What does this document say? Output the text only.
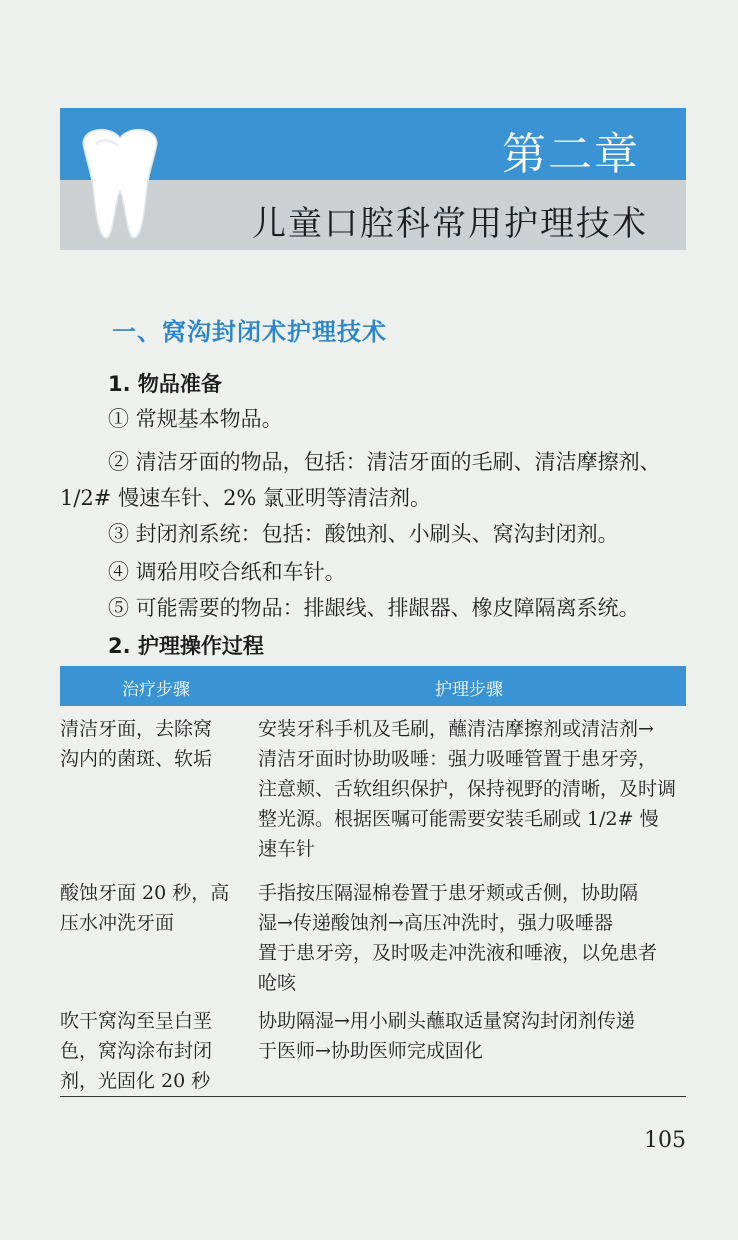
第二章
儿童口腔科常用护理技术
一、窝沟封闭术护理技术
1. 物品准备
① 常规基本物品。
② 清洁牙面的物品，包括：清洁牙面的毛刷、清洁摩擦剂、
1/2# 慢速车针、2% 氯亚明等清洁剂。
③ 封闭剂系统：包括：酸蚀剂、小刷头、窝沟封闭剂。
④ 调𬌗用咬合纸和车针。
⑤ 可能需要的物品：排龈线、排龈器、橡皮障隔离系统。
2. 护理操作过程
治疗步骤	护理步骤
清洁牙面，去除窝
沟内的菌斑、软垢
安装牙科手机及毛刷，蘸清洁摩擦剂或清洁剂→
清洁牙面时协助吸唾：强力吸唾管置于患牙旁，
注意颊、舌软组织保护，保持视野的清晰，及时调
整光源。根据医嘱可能需要安装毛刷或 1/2# 慢
速车针
酸蚀牙面 20 秒，高
压水冲洗牙面
手指按压隔湿棉卷置于患牙颊或舌侧，协助隔
湿→传递酸蚀剂→高压冲洗时，强力吸唾器
置于患牙旁，及时吸走冲洗液和唾液，以免患者
呛咳
吹干窝沟至呈白垩
色，窝沟涂布封闭
剂，光固化 20 秒
协助隔湿→用小刷头蘸取适量窝沟封闭剂传递
于医师→协助医师完成固化
105
